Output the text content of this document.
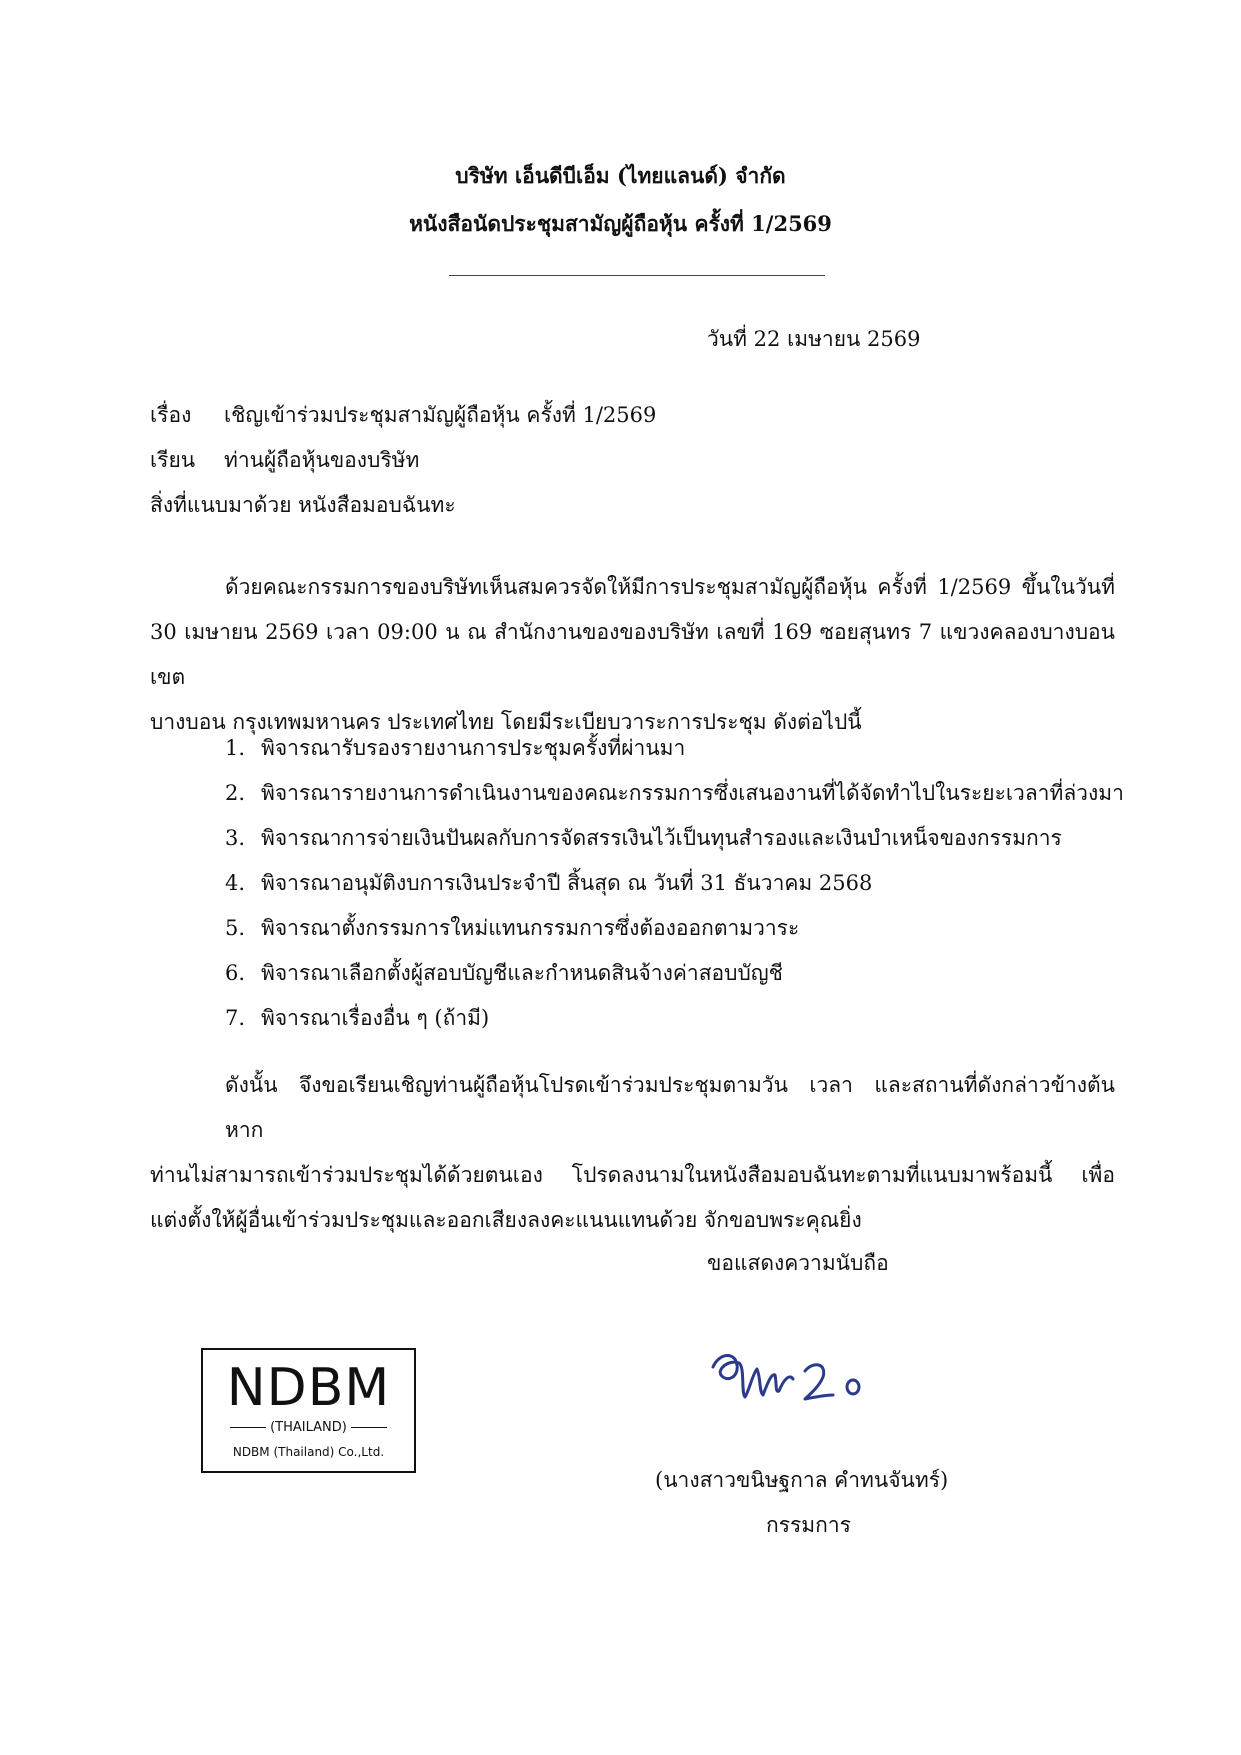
บริษัท เอ็นดีบีเอ็ม (ไทยแลนด์) จำกัด
หนังสือนัดประชุมสามัญผู้ถือหุ้น ครั้งที่ 1/2569
วันที่ 22 เมษายน 2569
เรื่อง เชิญเข้าร่วมประชุมสามัญผู้ถือหุ้น ครั้งที่ 1/2569
เรียน ท่านผู้ถือหุ้นของบริษัท
สิ่งที่แนบมาด้วย หนังสือมอบฉันทะ
ด้วยคณะกรรมการของบริษัทเห็นสมควรจัดให้มีการประชุมสามัญผู้ถือหุ้น ครั้งที่ 1/2569 ขึ้นในวันที่
30 เมษายน 2569 เวลา 09:00 น ณ สำนักงานของของบริษัท เลขที่ 169 ซอยสุนทร 7 แขวงคลองบางบอน เขต
บางบอน กรุงเทพมหานคร ประเทศไทย โดยมีระเบียบวาระการประชุม ดังต่อไปนี้
1. พิจารณารับรองรายงานการประชุมครั้งที่ผ่านมา
2. พิจารณารายงานการดำเนินงานของคณะกรรมการซึ่งเสนองานที่ได้จัดทำไปในระยะเวลาที่ล่วงมา
3. พิจารณาการจ่ายเงินปันผลกับการจัดสรรเงินไว้เป็นทุนสำรองและเงินบำเหน็จของกรรมการ
4. พิจารณาอนุมัติงบการเงินประจำปี สิ้นสุด ณ วันที่ 31 ธันวาคม 2568
5. พิจารณาตั้งกรรมการใหม่แทนกรรมการซึ่งต้องออกตามวาระ
6. พิจารณาเลือกตั้งผู้สอบบัญชีและกำหนดสินจ้างค่าสอบบัญชี
7. พิจารณาเรื่องอื่น ๆ (ถ้ามี)
ดังนั้น จึงขอเรียนเชิญท่านผู้ถือหุ้นโปรดเข้าร่วมประชุมตามวัน เวลา และสถานที่ดังกล่าวข้างต้น หาก
ท่านไม่สามารถเข้าร่วมประชุมได้ด้วยตนเอง โปรดลงนามในหนังสือมอบฉันทะตามที่แนบมาพร้อมนี้ เพื่อ
แต่งตั้งให้ผู้อื่นเข้าร่วมประชุมและออกเสียงลงคะแนนแทนด้วย จักขอบพระคุณยิ่ง
ขอแสดงความนับถือ
NDBM
(THAILAND)
NDBM (Thailand) Co.,Ltd.
(นางสาวขนิษฐกาล คำทนจันทร์)
กรรมการ
